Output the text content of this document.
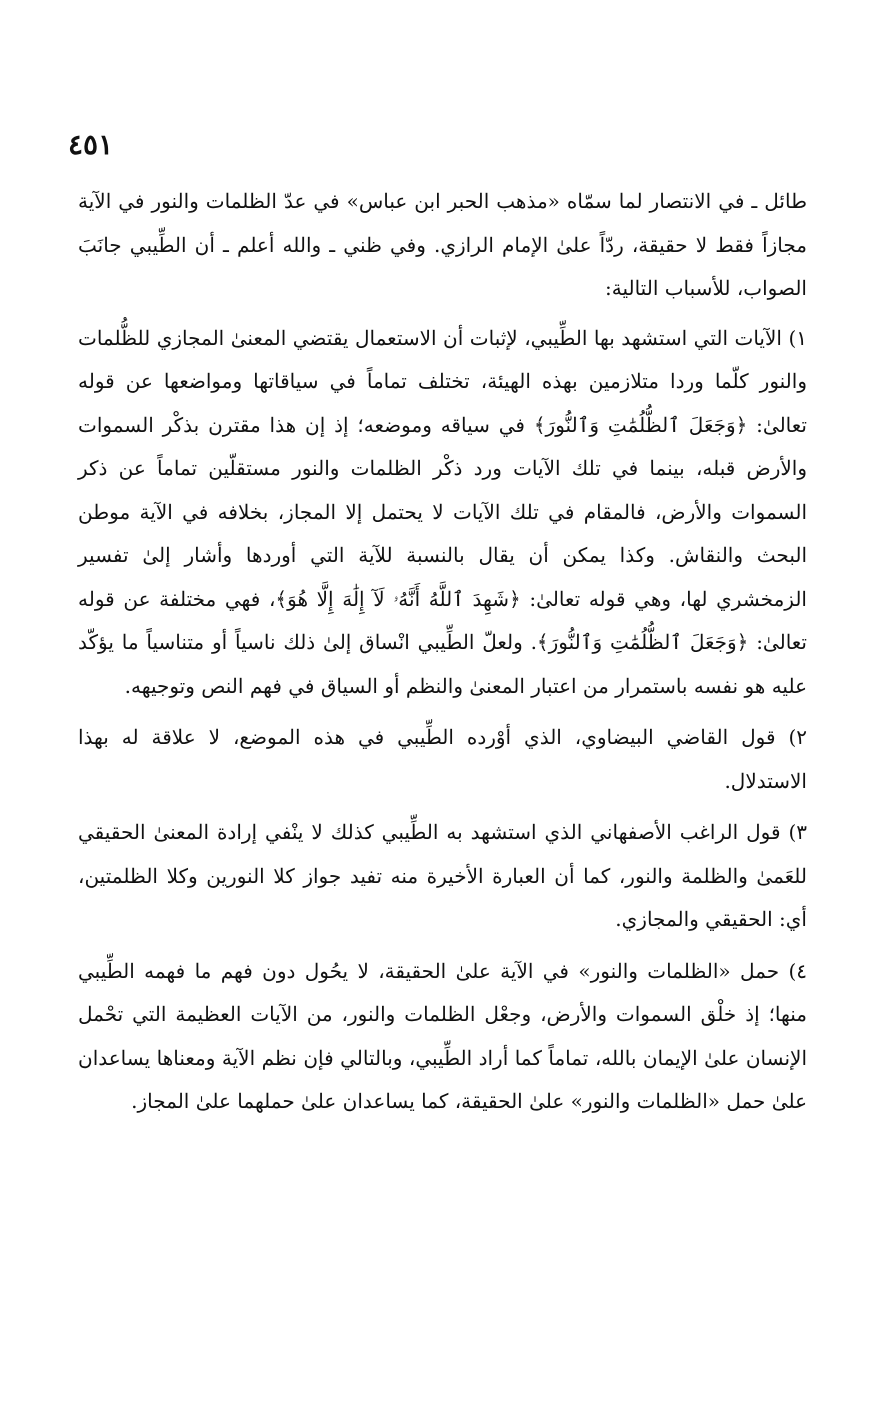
٤٥١

طائل ـ في الانتصار لما سمّاه «مذهب الحبر ابن عباس» في عدّ الظلمات والنور في الآية مجازاً فقط لا حقيقة، ردّاً علىٰ الإمام الرازي. وفي ظني ـ والله أعلم ـ أن الطِّيبي جانَبَ الصواب، للأسباب التالية:

١) الآيات التي استشهد بها الطِّيبي، لإثبات أن الاستعمال يقتضي المعنىٰ المجازي للظُّلمات والنور كلّما وردا متلازمين بهذه الهيئة، تختلف تماماً في سياقاتها ومواضعها عن قوله تعالىٰ: ﴿وَجَعَلَ ٱلظُّلُمَٰتِ وَٱلنُّورَ﴾ في سياقه وموضعه؛ إذ إن هذا مقترن بذكْر السموات والأرض قبله، بينما في تلك الآيات ورد ذكْر الظلمات والنور مستقلّين تماماً عن ذكر السموات والأرض، فالمقام في تلك الآيات لا يحتمل إلا المجاز، بخلافه في الآية موطن البحث والنقاش. وكذا يمكن أن يقال بالنسبة للآية التي أوردها وأشار إلىٰ تفسير الزمخشري لها، وهي قوله تعالىٰ: ﴿شَهِدَ ٱللَّهُ أَنَّهُۥ لَآ إِلَٰهَ إِلَّا هُوَ﴾، فهي مختلفة عن قوله تعالىٰ: ﴿وَجَعَلَ ٱلظُّلُمَٰتِ وَٱلنُّورَ﴾. ولعلّ الطِّيبي انْساق إلىٰ ذلك ناسياً أو متناسياً ما يؤكّد عليه هو نفسه باستمرار من اعتبار المعنىٰ والنظم أو السياق في فهم النص وتوجيهه.

٢) قول القاضي البيضاوي، الذي أوْرده الطِّيبي في هذه الموضع، لا علاقة له بهذا الاستدلال.

٣) قول الراغب الأصفهاني الذي استشهد به الطِّيبي كذلك لا ينْفي إرادة المعنىٰ الحقيقي للعَمىٰ والظلمة والنور، كما أن العبارة الأخيرة منه تفيد جواز كلا النورين وكلا الظلمتين، أي: الحقيقي والمجازي.

٤) حمل «الظلمات والنور» في الآية علىٰ الحقيقة، لا يحُول دون فهم ما فهمه الطِّيبي منها؛ إذ خلْق السموات والأرض، وجعْل الظلمات والنور، من الآيات العظيمة التي تحْمل الإنسان علىٰ الإيمان بالله، تماماً كما أراد الطِّيبي، وبالتالي فإن نظم الآية ومعناها يساعدان علىٰ حمل «الظلمات والنور» علىٰ الحقيقة، كما يساعدان علىٰ حملهما علىٰ المجاز.
